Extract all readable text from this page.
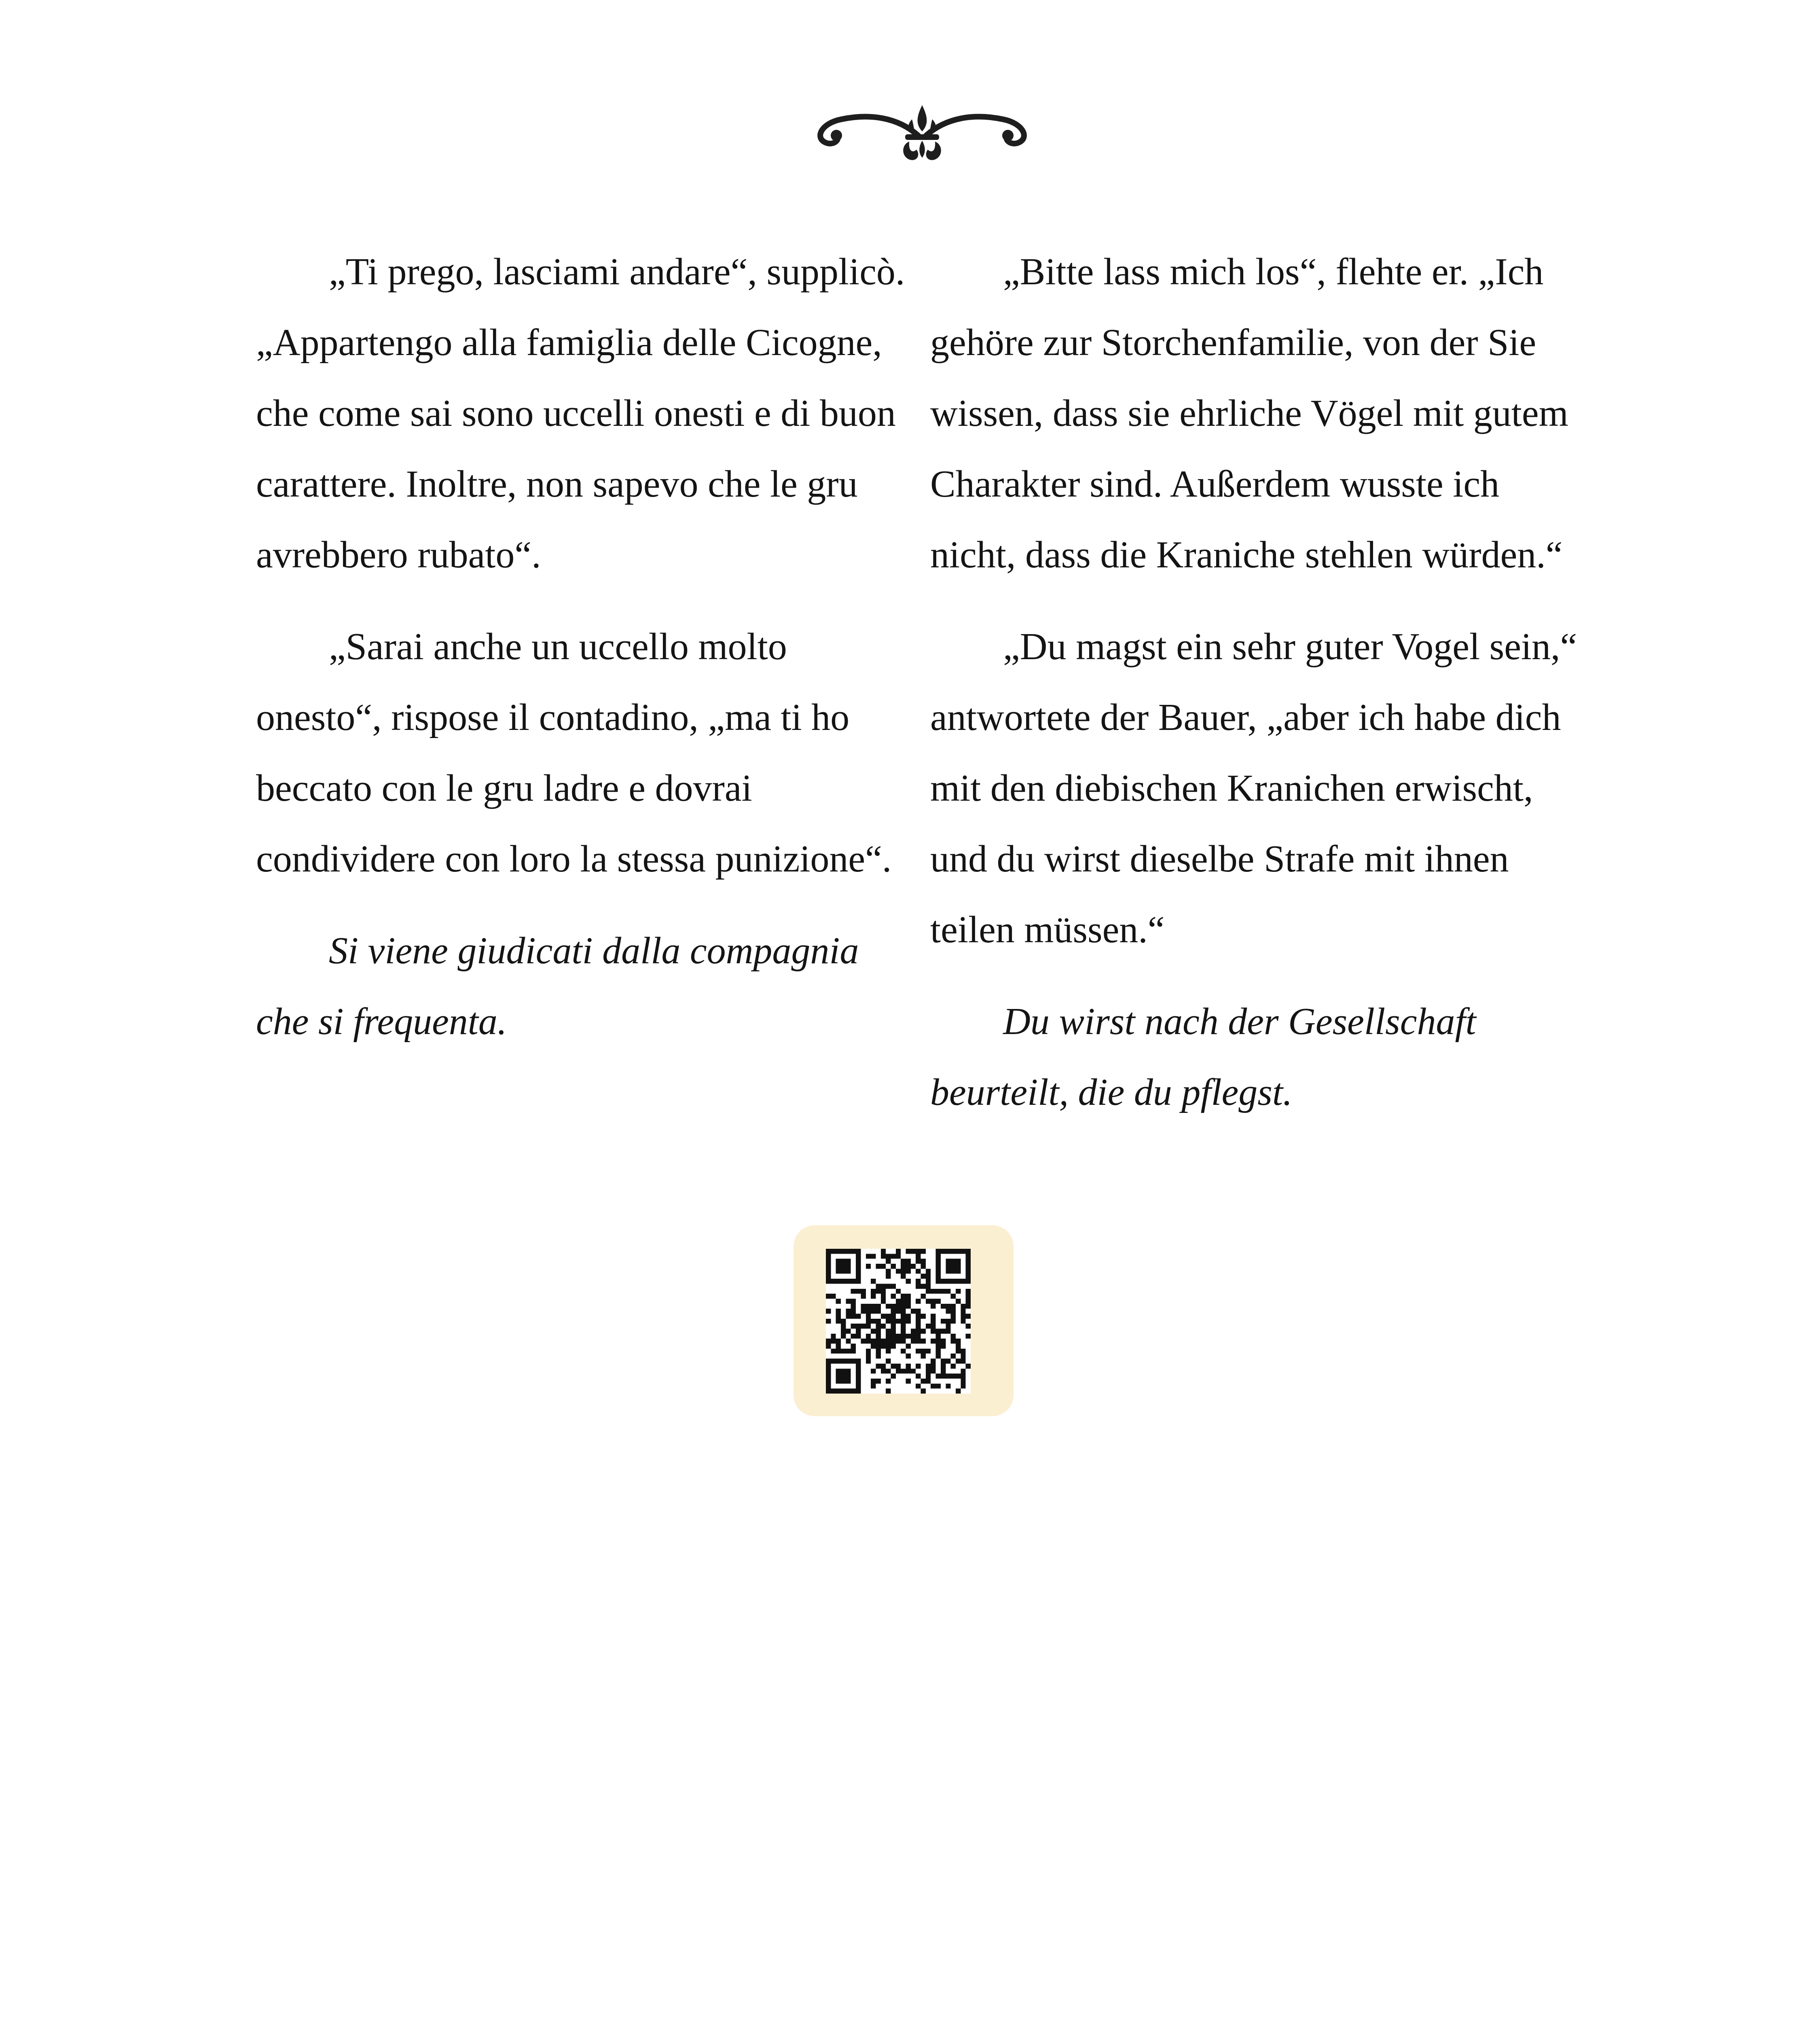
„Ti prego, lasciami andare“, supplicò. „Appartengo alla famiglia delle Cicogne, che come sai sono uccelli onesti e di buon carattere. Inoltre, non sapevo che le gru avrebbero rubato“.

„Sarai anche un uccello molto onesto“, rispose il contadino, „ma ti ho beccato con le gru ladre e dovrai condividere con loro la stessa punizione“.

Si viene giudicati dalla compagnia che si frequenta.

„Bitte lass mich los“, flehte er. „Ich gehöre zur Storchenfamilie, von der Sie wissen, dass sie ehrliche Vögel mit gutem Charakter sind. Außerdem wusste ich nicht, dass die Kraniche stehlen würden.“

„Du magst ein sehr guter Vogel sein,“ antwortete der Bauer, „aber ich habe dich mit den diebischen Kranichen erwischt, und du wirst dieselbe Strafe mit ihnen teilen müssen.“

Du wirst nach der Gesellschaft beurteilt, die du pflegst.
